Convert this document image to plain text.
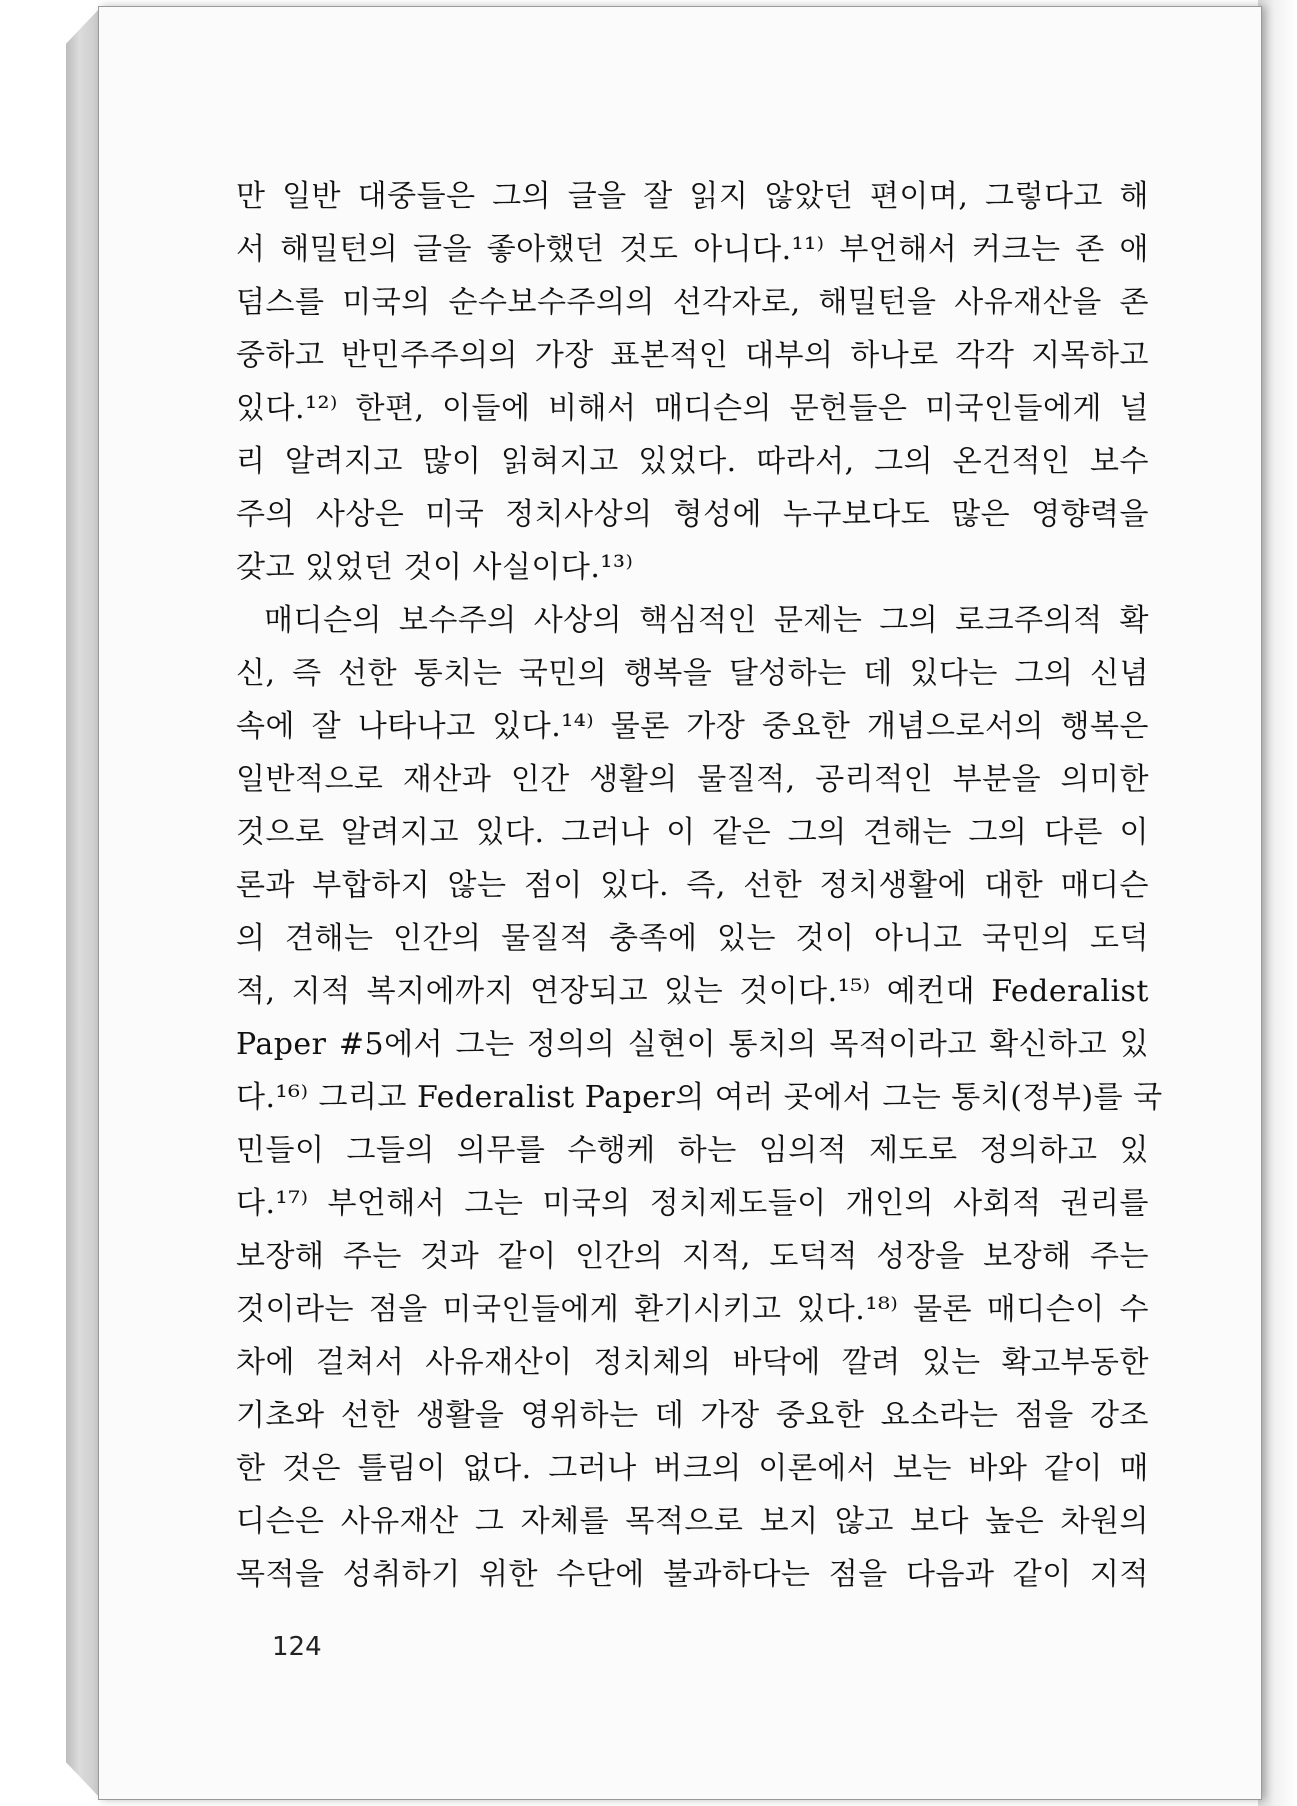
만 일반 대중들은 그의 글을 잘 읽지 않았던 편이며, 그렇다고 해
서 해밀턴의 글을 좋아했던 것도 아니다.¹¹⁾ 부언해서 커크는 존 애
덤스를 미국의 순수보수주의의 선각자로, 해밀턴을 사유재산을 존
중하고 반민주주의의 가장 표본적인 대부의 하나로 각각 지목하고
있다.¹²⁾ 한편, 이들에 비해서 매디슨의 문헌들은 미국인들에게 널
리 알려지고 많이 읽혀지고 있었다. 따라서, 그의 온건적인 보수
주의 사상은 미국 정치사상의 형성에 누구보다도 많은 영향력을
갖고 있었던 것이 사실이다.¹³⁾
매디슨의 보수주의 사상의 핵심적인 문제는 그의 로크주의적 확
신, 즉 선한 통치는 국민의 행복을 달성하는 데 있다는 그의 신념
속에 잘 나타나고 있다.¹⁴⁾ 물론 가장 중요한 개념으로서의 행복은
일반적으로 재산과 인간 생활의 물질적, 공리적인 부분을 의미한
것으로 알려지고 있다. 그러나 이 같은 그의 견해는 그의 다른 이
론과 부합하지 않는 점이 있다. 즉, 선한 정치생활에 대한 매디슨
의 견해는 인간의 물질적 충족에 있는 것이 아니고 국민의 도덕
적, 지적 복지에까지 연장되고 있는 것이다.¹⁵⁾ 예컨대 Federalist
Paper #5에서 그는 정의의 실현이 통치의 목적이라고 확신하고 있
다.¹⁶⁾ 그리고 Federalist Paper의 여러 곳에서 그는 통치(정부)를 국
민들이 그들의 의무를 수행케 하는 임의적 제도로 정의하고 있
다.¹⁷⁾ 부언해서 그는 미국의 정치제도들이 개인의 사회적 권리를
보장해 주는 것과 같이 인간의 지적, 도덕적 성장을 보장해 주는
것이라는 점을 미국인들에게 환기시키고 있다.¹⁸⁾ 물론 매디슨이 수
차에 걸쳐서 사유재산이 정치체의 바닥에 깔려 있는 확고부동한
기초와 선한 생활을 영위하는 데 가장 중요한 요소라는 점을 강조
한 것은 틀림이 없다. 그러나 버크의 이론에서 보는 바와 같이 매
디슨은 사유재산 그 자체를 목적으로 보지 않고 보다 높은 차원의
목적을 성취하기 위한 수단에 불과하다는 점을 다음과 같이 지적
124
